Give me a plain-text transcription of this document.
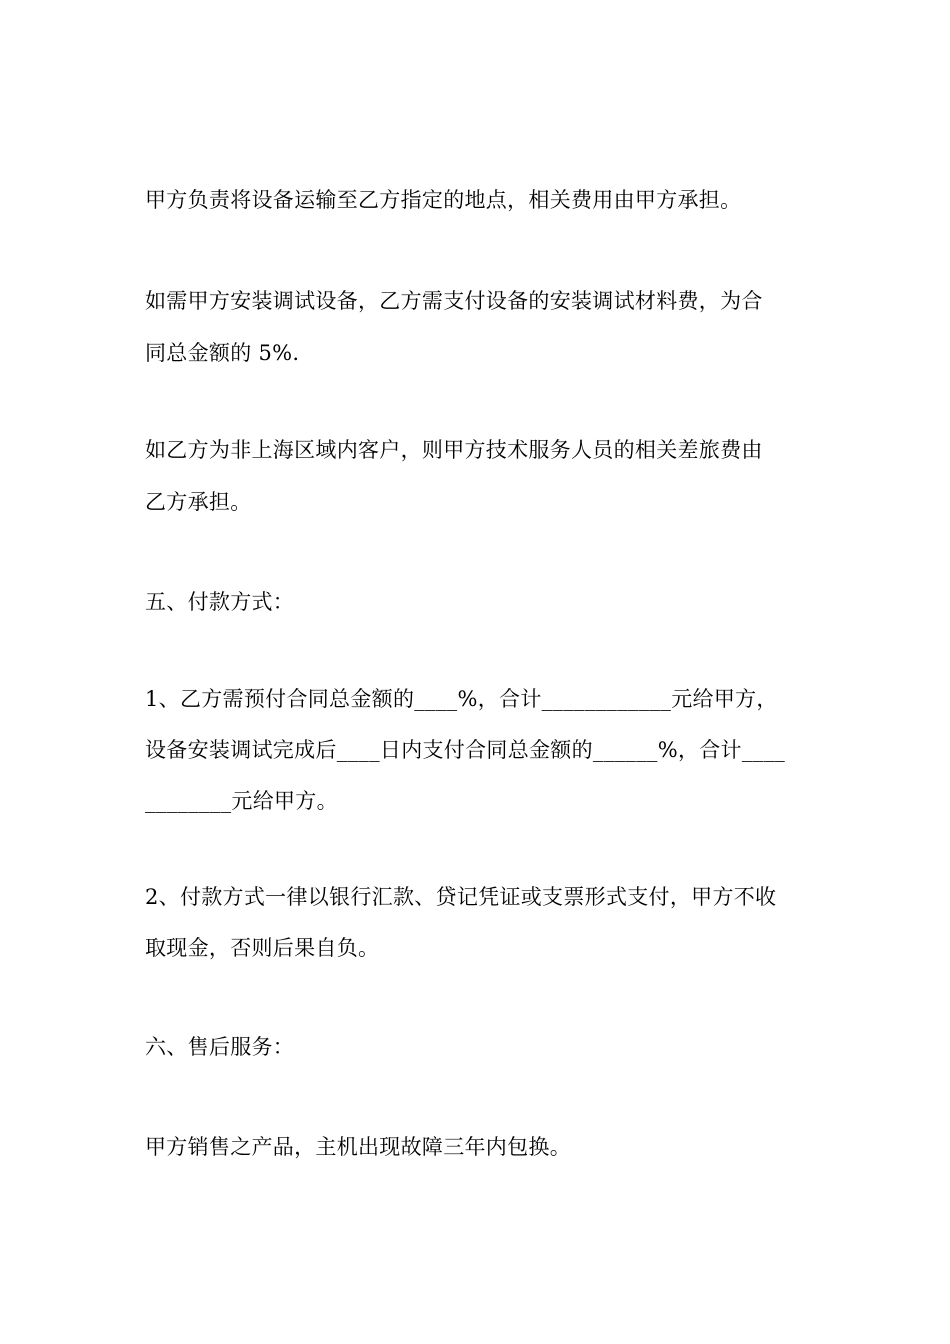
甲方负责将设备运输至乙方指定的地点，相关费用由甲方承担。
如需甲方安装调试设备，乙方需支付设备的安装调试材料费，为合
同总金额的 5%.
如乙方为非上海区域内客户，则甲方技术服务人员的相关差旅费由
乙方承担。
五、付款方式：
1、乙方需预付合同总金额的____%，合计____________元给甲方，
设备安装调试完成后____日内支付合同总金额的______%，合计____
________元给甲方。
2、付款方式一律以银行汇款、贷记凭证或支票形式支付，甲方不收
取现金，否则后果自负。
六、售后服务：
甲方销售之产品，主机出现故障三年内包换。
